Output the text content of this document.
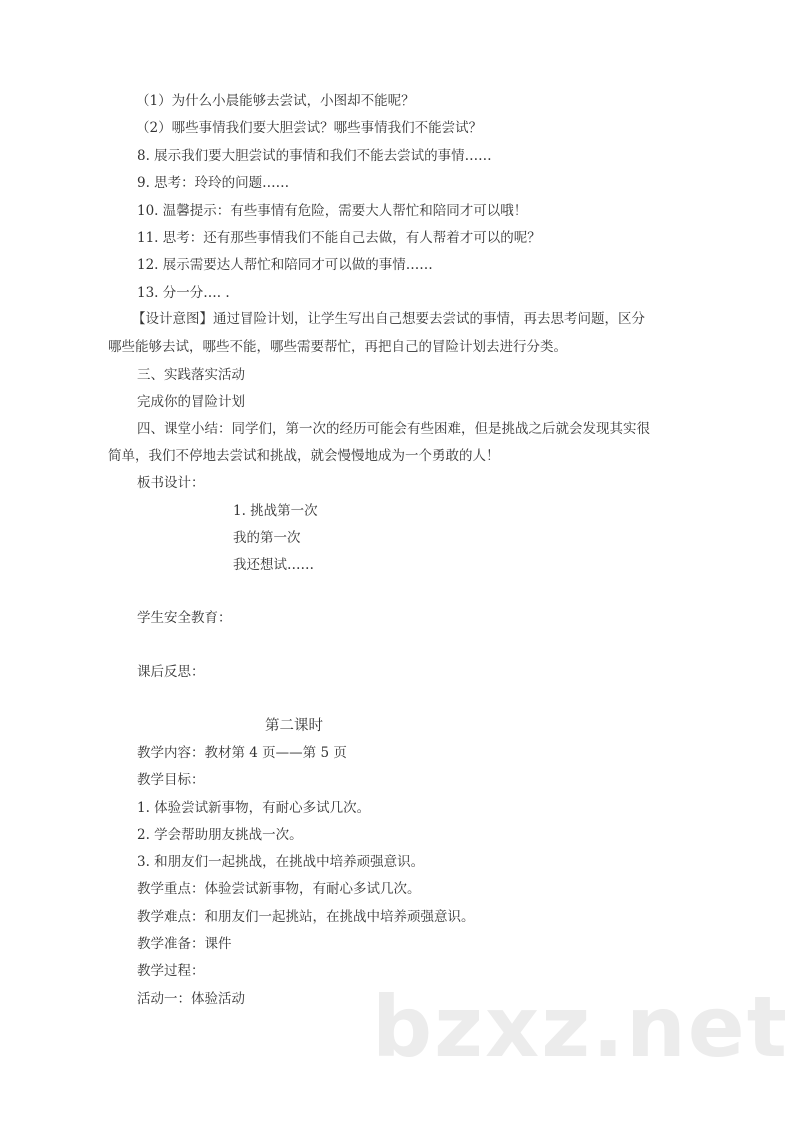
（1）为什么小晨能够去尝试，小图却不能呢？
（2）哪些事情我们要大胆尝试？哪些事情我们不能尝试？
8. 展示我们要大胆尝试的事情和我们不能去尝试的事情……
9. 思考：玲玲的问题……
10. 温馨提示：有些事情有危险，需要大人帮忙和陪同才可以哦！
11. 思考：还有那些事情我们不能自己去做，有人帮着才可以的呢？
12. 展示需要达人帮忙和陪同才可以做的事情……
13. 分一分…. .
【设计意图】通过冒险计划，让学生写出自己想要去尝试的事情，再去思考问题，区分
哪些能够去试，哪些不能，哪些需要帮忙，再把自己的冒险计划去进行分类。
三、实践落实活动
完成你的冒险计划
四、课堂小结：同学们，第一次的经历可能会有些困难，但是挑战之后就会发现其实很
简单，我们不停地去尝试和挑战，就会慢慢地成为一个勇敢的人！
板书设计：
1. 挑战第一次
我的第一次
我还想试……
学生安全教育：
课后反思：
第二课时
教学内容：教材第 4 页——第 5 页
教学目标：
1. 体验尝试新事物，有耐心多试几次。
2. 学会帮助朋友挑战一次。
3. 和朋友们一起挑战，在挑战中培养顽强意识。
教学重点：体验尝试新事物，有耐心多试几次。
教学难点：和朋友们一起挑站，在挑战中培养顽强意识。
教学准备：课件
教学过程：
活动一：体验活动 bzxz.net
